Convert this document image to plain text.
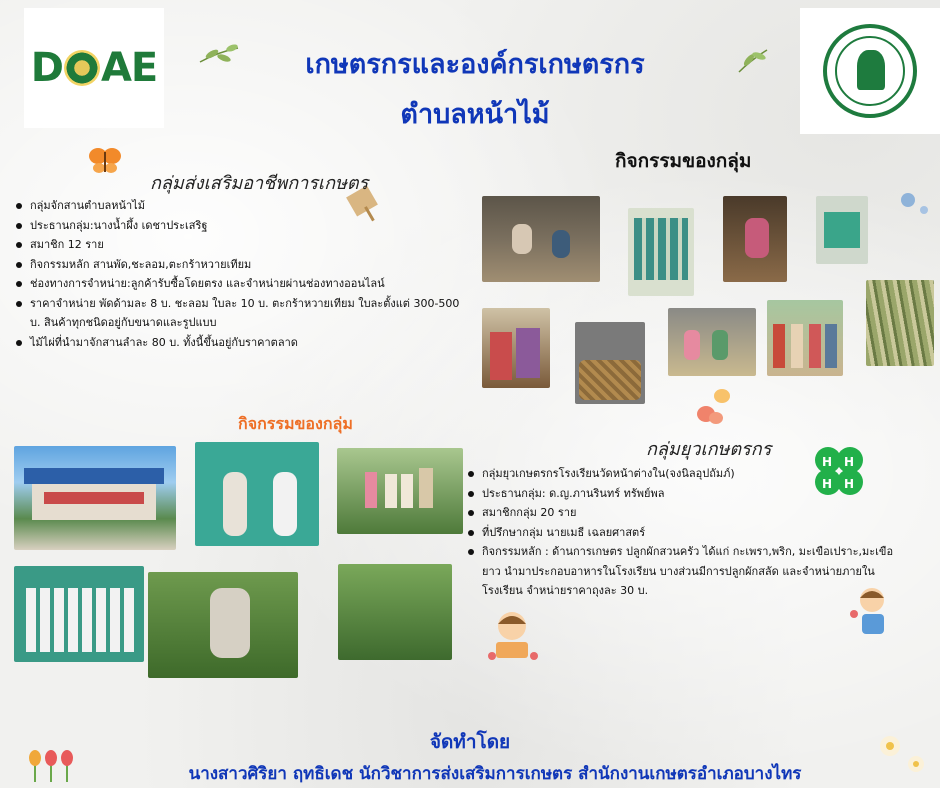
D AE	เกษตรกรและองค์กรเกษตรกร
ตำบลหน้าไม้
กลุ่มส่งเสริมอาชีพการเกษตร
กลุ่มจักสานตำบลหน้าไม้
ประธานกลุ่ม:นางน้ำผึ้ง เดชาประเสริฐ
สมาชิก 12 ราย
กิจกรรมหลัก สานพัด,ชะลอม,ตะกร้าหวายเทียม
ช่องทางการจำหน่าย:ลูกค้ารับซื้อโดยตรง และจำหน่ายผ่านช่องทางออนไลน์
ราคาจำหน่าย พัดด้ามละ 8 บ. ชะลอม ใบละ 10 บ. ตะกร้าหวายเทียม ใบละตั้งแต่ 300-500 บ. สินค้าทุกชนิดอยู่กับขนาดและรูปแบบ
ไม้ไผ่ที่นำมาจักสานลำละ 80 บ. ทั้งนี้ขึ้นอยู่กับราคาตลาด
กิจกรรมของกลุ่ม
กิจกรรมของกลุ่ม
กลุ่มยุวเกษตรกร
H H
H H
กลุ่มยุวเกษตรกรโรงเรียนวัดหน้าต่างใน(จงนิลอุปถัมภ์)
ประธานกลุ่ม: ด.ญ.ภานรินทร์ ทรัพย์พล
สมาชิกกลุ่ม 20 ราย
ที่ปรึกษากลุ่ม นายเมธี เฉลยศาสตร์
กิจกรรมหลัก : ด้านการเกษตร ปลูกผักสวนครัว ได้แก่ กะเพรา,พริก, มะเขือเปราะ,มะเขือยาว นำมาประกอบอาหารในโรงเรียน บางส่วนมีการปลูกผักสลัด และจำหน่ายภายในโรงเรียน จำหน่ายราคาถุงละ 30 บ.
จัดทำโดย
นางสาวศิริยา ฤทธิเดช นักวิชาการส่งเสริมการเกษตร สำนักงานเกษตรอำเภอบางไทร
